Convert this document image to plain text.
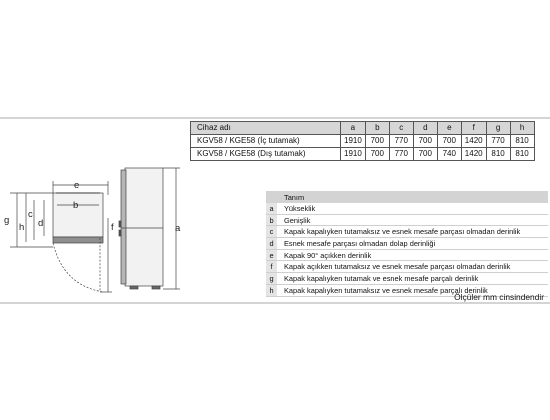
e
b
g
h
c
d	f	a
Cihaz adı	a	b	c	d	e	f	g	h
KGV58 / KGE58 (İç tutamak)	1910	700	770	700	700	1420	770	810
KGV58 / KGE58 (Dış tutamak)	1910	700	770	700	740	1420	810	810
Tanım
a	Yükseklik
b	Genişlik
c	Kapak kapalıyken tutamaksız ve esnek mesafe parçası olmadan derinlik
d	Esnek mesafe parçası olmadan dolap derinliği
e	Kapak 90° açıkken derinlik
f	Kapak açıkken tutamaksız ve esnek mesafe parçası olmadan derinlik
g	Kapak kapalıyken tutamak ve esnek mesafe parçalı derinlik
h	Kapak kapalıyken tutamaksız ve esnek mesafe parçalı derinlik
Ölçüler mm cinsindendir
